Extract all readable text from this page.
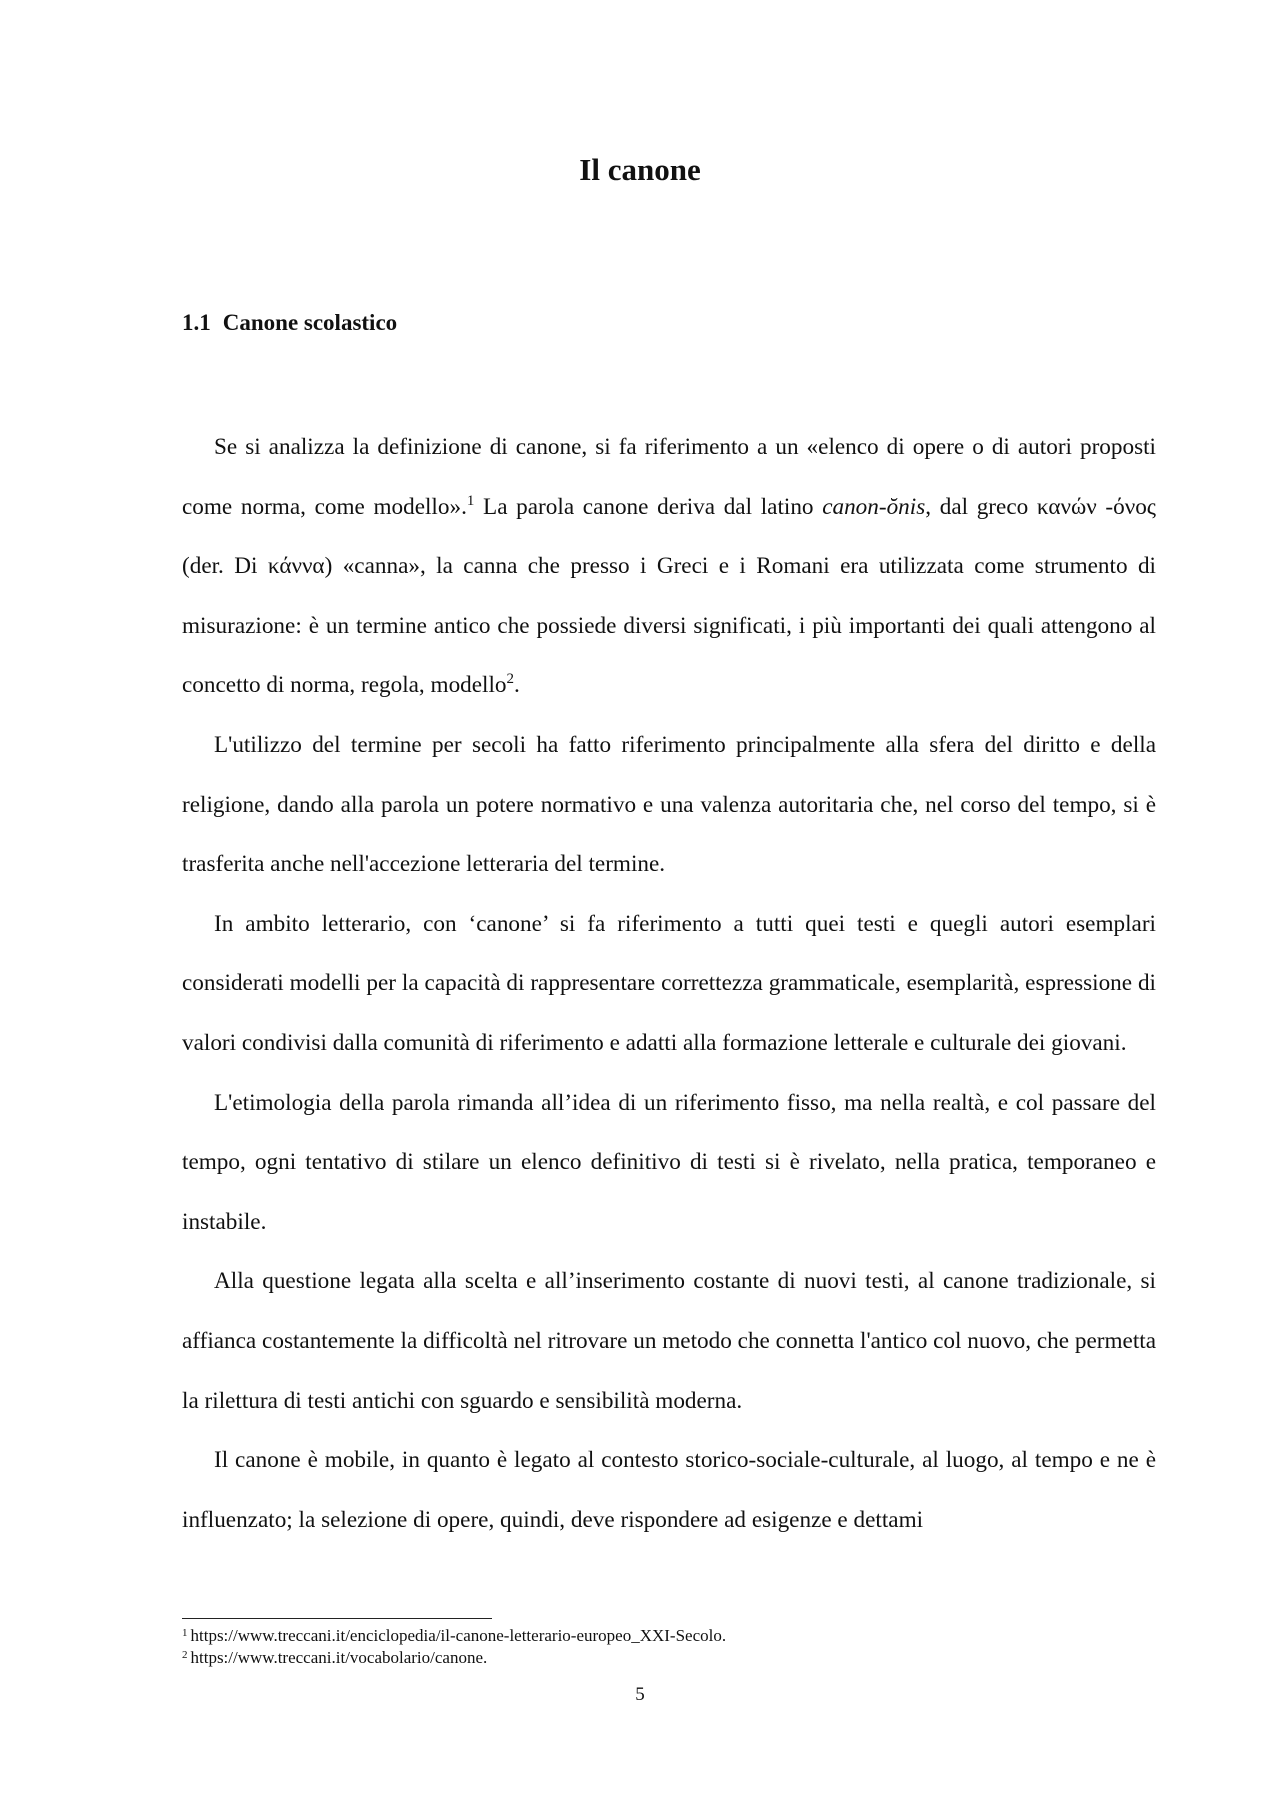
Il canone
1.1 Canone scolastico

Se si analizza la definizione di canone, si fa riferimento a un «elenco di opere o di autori proposti come norma, come modello».$^1$ La parola canone deriva dal latino canon-ŏnis, dal greco κανών -όνος (der. Di κάννα) «canna», la canna che presso i Greci e i Romani era utilizzata come strumento di misurazione: è un termine antico che possiede diversi significati, i più importanti dei quali attengono al concetto di norma, regola, modello$^2$.

L'utilizzo del termine per secoli ha fatto riferimento principalmente alla sfera del diritto e della religione, dando alla parola un potere normativo e una valenza autoritaria che, nel corso del tempo, si è trasferita anche nell'accezione letteraria del termine.

In ambito letterario, con ‘canone’ si fa riferimento a tutti quei testi e quegli autori esemplari considerati modelli per la capacità di rappresentare correttezza grammaticale, esemplarità, espressione di valori condivisi dalla comunità di riferimento e adatti alla formazione letterale e culturale dei giovani.

L'etimologia della parola rimanda all’idea di un riferimento fisso, ma nella realtà, e col passare del tempo, ogni tentativo di stilare un elenco definitivo di testi si è rivelato, nella pratica, temporaneo e instabile.

Alla questione legata alla scelta e all’inserimento costante di nuovi testi, al canone tradizionale, si affianca costantemente la difficoltà nel ritrovare un metodo che connetta l'antico col nuovo, che permetta la rilettura di testi antichi con sguardo e sensibilità moderna.

Il canone è mobile, in quanto è legato al contesto storico-sociale-culturale, al luogo, al tempo e ne è influenzato; la selezione di opere, quindi, deve rispondere ad esigenze e dettami

$^1$ https://www.treccani.it/enciclopedia/il-canone-letterario-europeo_XXI-Secolo.

$^2$ https://www.treccani.it/vocabolario/canone.

5
